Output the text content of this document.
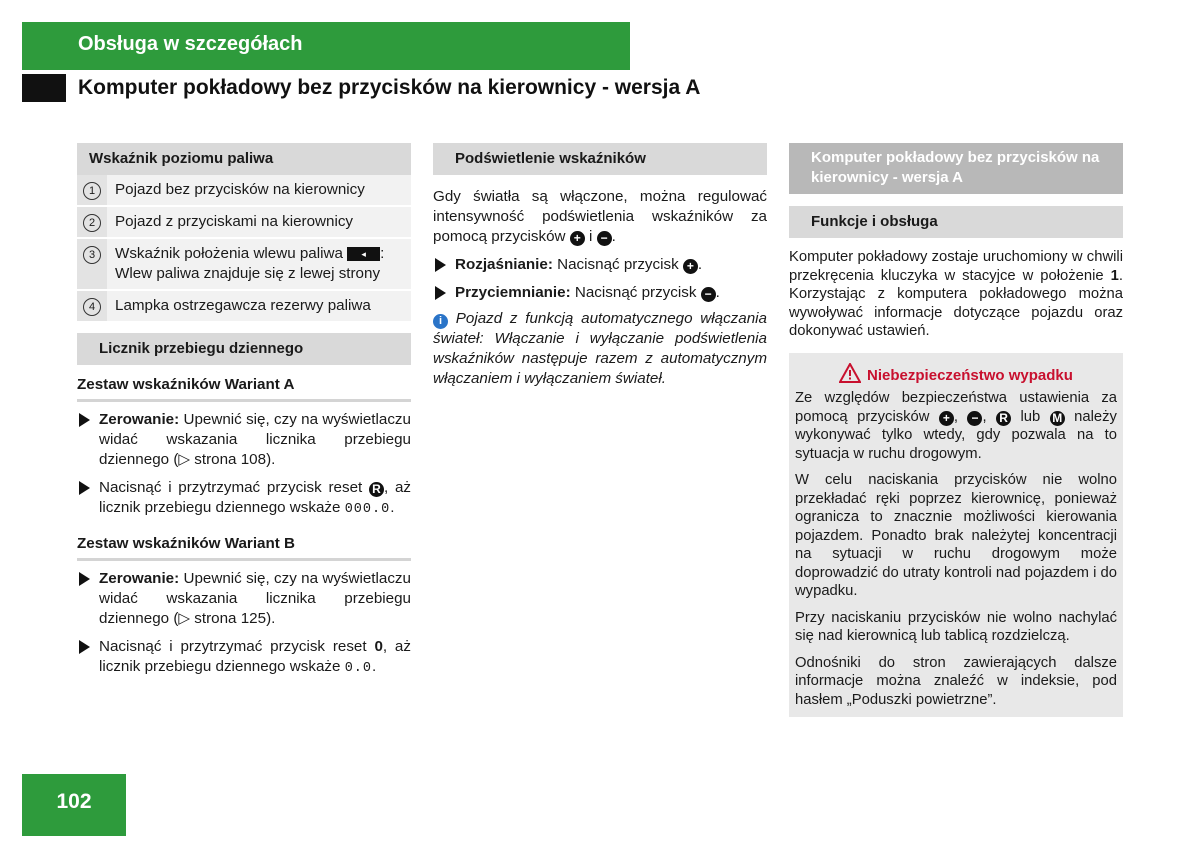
Obsługa w szczegółach
Komputer pokładowy bez przycisków na kierownicy - wersja A
Wskaźnik poziomu paliwa
1	Pojazd bez przycisków na kierownicy
2	Pojazd z przyciskami na kierownicy
3	Wskaźnik położenia wlewu paliwa ◂ :
Wlew paliwa znajduje się z lewej strony
4	Lampka ostrzegawcza rezerwy paliwa
Licznik przebiegu dziennego
Zestaw wskaźników Wariant A
Zerowanie: Upewnić się, czy na wyświetlaczu widać wskazania licznika przebiegu dziennego (▷ strona 108).
Nacisnąć i przytrzymać przycisk reset R , aż licznik przebiegu dziennego wskaże 000.0.
Zestaw wskaźników Wariant B
Zerowanie: Upewnić się, czy na wyświetlaczu widać wskazania licznika przebiegu dziennego (▷ strona 125).
Nacisnąć i przytrzymać przycisk reset 0, aż licznik przebiegu dziennego wskaże 0.0.
Podświetlenie wskaźników
Gdy światła są włączone, można regulować intensywność podświetlenia wskaźników za pomocą przycisków + i − .
Rozjaśnianie: Nacisnąć przycisk + .
Przyciemnianie: Nacisnąć przycisk − .
i Pojazd z funkcją automatycznego włączania świateł: Włączanie i wyłączanie podświetlenia wskaźników następuje razem z automatycznym włączaniem i wyłączaniem świateł.
Komputer pokładowy bez przycisków na kierownicy - wersja A
Funkcje i obsługa
Komputer pokładowy zostaje uruchomiony w chwili przekręcenia kluczyka w stacyjce w położenie 1. Korzystając z komputera pokładowego można wywoływać informacje dotyczące pojazdu oraz dokonywać ustawień.
Niebezpieczeństwo wypadku

Ze względów bezpieczeństwa ustawienia za pomocą przycisków + , − , R lub M należy wykonywać tylko wtedy, gdy pozwala na to sytuacja w ruchu drogowym.

W celu naciskania przycisków nie wolno przekładać ręki poprzez kierownicę, ponieważ ogranicza to znacznie możliwości kierowania pojazdem. Ponadto brak należytej koncentracji na sytuacji w ruchu drogowym może doprowadzić do utraty kontroli nad pojazdem i do wypadku.

Przy naciskaniu przycisków nie wolno nachylać się nad kierownicą lub tablicą rozdzielczą.

Odnośniki do stron zawierających dalsze informacje można znaleźć w indeksie, pod hasłem „Poduszki powietrzne”.

102
